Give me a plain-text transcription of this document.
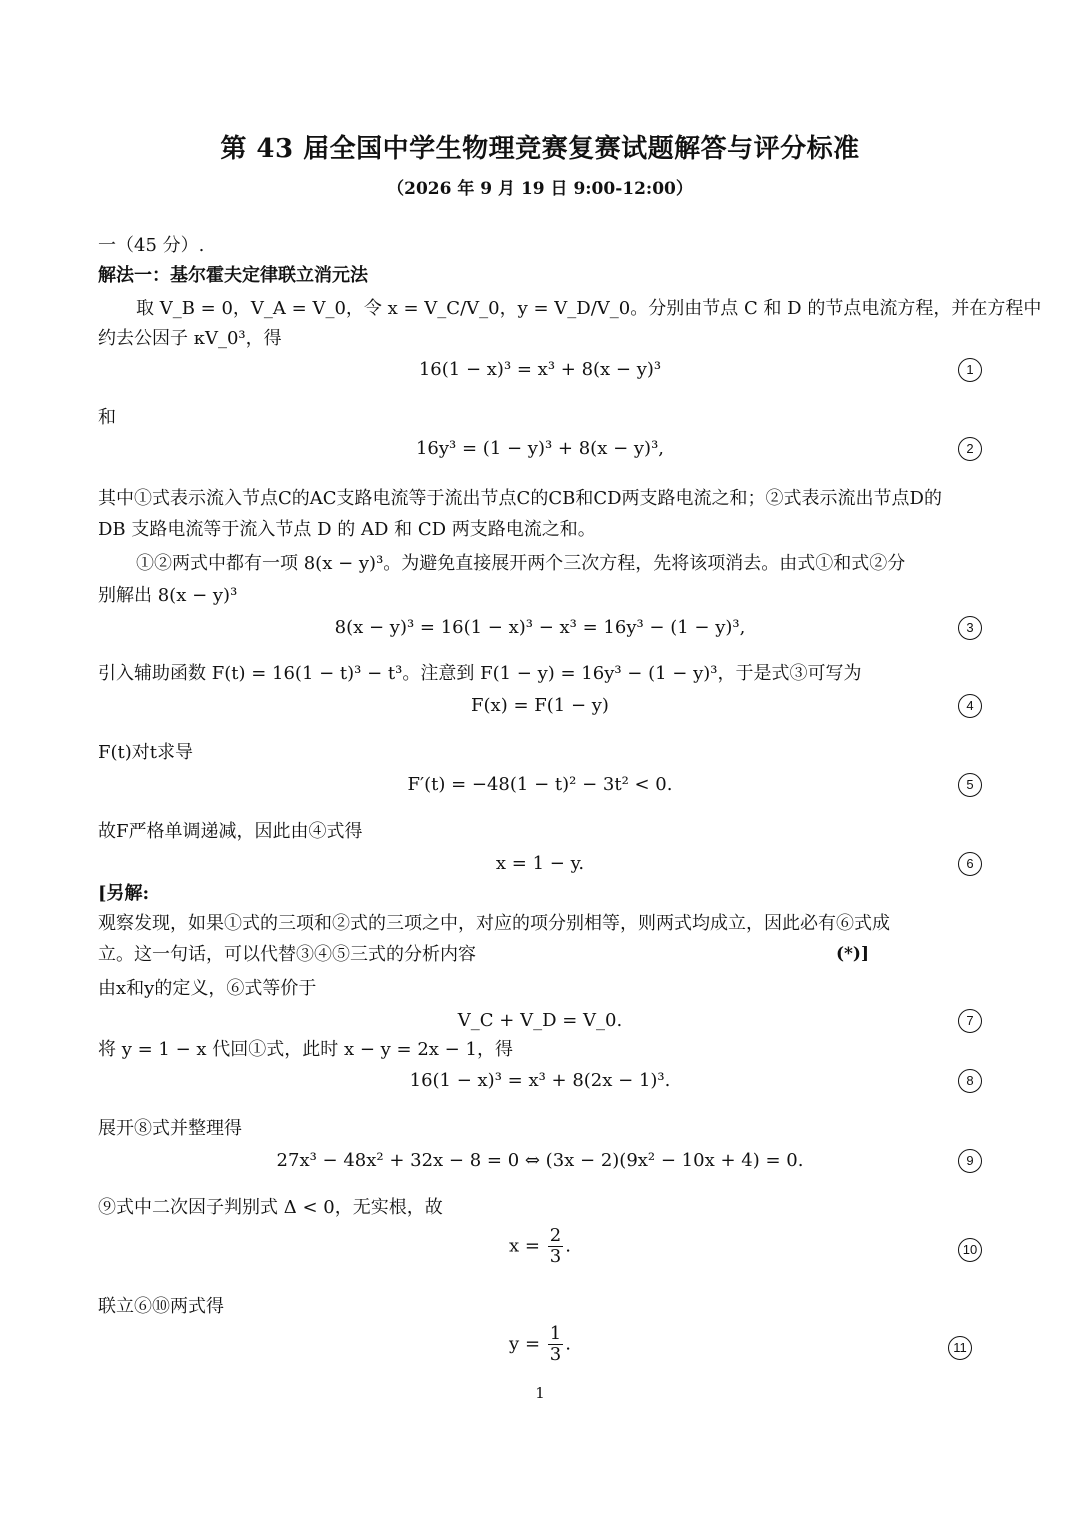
第 43 届全国中学生物理竞赛复赛试题解答与评分标准
（2026 年 9 月 19 日 9:00-12:00）
一（45 分）.
解法一：基尔霍夫定律联立消元法
取 V_B = 0，V_A = V_0，令 x = V_C/V_0，y = V_D/V_0。分别由节点 C 和 D 的节点电流方程，并在方程中
约去公因子 κV_0³，得
16(1 − x)³ = x³ + 8(x − y)³	1
和
16y³ = (1 − y)³ + 8(x − y)³,	2
其中①式表示流入节点C的AC支路电流等于流出节点C的CB和CD两支路电流之和；②式表示流出节点D的
DB 支路电流等于流入节点 D 的 AD 和 CD 两支路电流之和。
①②两式中都有一项 8(x − y)³。为避免直接展开两个三次方程，先将该项消去。由式①和式②分
别解出 8(x − y)³
8(x − y)³ = 16(1 − x)³ − x³ = 16y³ − (1 − y)³,	3
引入辅助函数 F(t) = 16(1 − t)³ − t³。注意到 F(1 − y) = 16y³ − (1 − y)³，于是式③可写为
F(x) = F(1 − y)	4
F(t)对t求导
F′(t) = −48(1 − t)² − 3t² < 0.	5
故F严格单调递减，因此由④式得
x = 1 − y.	6
[另解:
观察发现，如果①式的三项和②式的三项之中，对应的项分别相等，则两式均成立，因此必有⑥式成
立。这一句话，可以代替③④⑤三式的分析内容	(*)]
由x和y的定义，⑥式等价于
V_C + V_D = V_0.	7
将 y = 1 − x 代回①式，此时 x − y = 2x − 1，得
16(1 − x)³ = x³ + 8(2x − 1)³.	8
展开⑧式并整理得
27x³ − 48x² + 32x − 8 = 0 ⇔ (3x − 2)(9x² − 10x + 4) = 0.	9
⑨式中二次因子判别式 Δ < 0，无实根，故
$x = \frac{2}{3}$ .	10
联立⑥⑩两式得
$y = \frac{1}{3}$ .	11
1
